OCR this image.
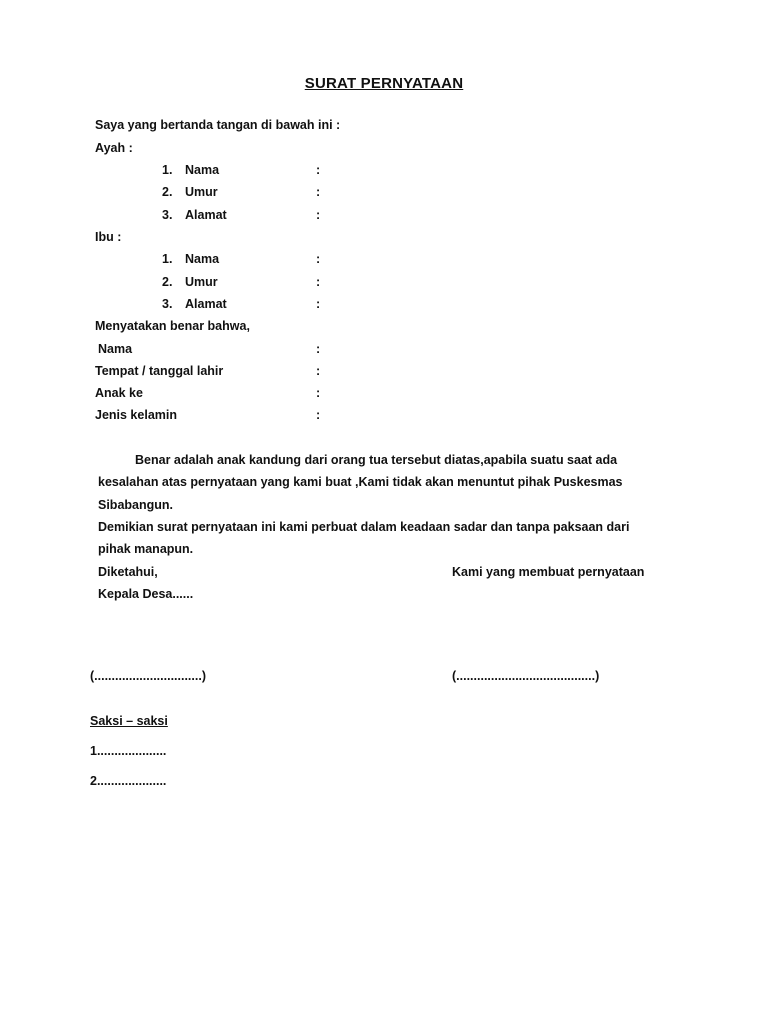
SURAT PERNYATAAN
Saya yang bertanda tangan di bawah ini :
Ayah :
1. Nama	:
2. Umur	:
3. Alamat	:
Ibu :
1. Nama	:
2. Umur	:
3. Alamat	:
Menyatakan benar bahwa,
Nama	:
Tempat / tanggal lahir	:
Anak ke	:
Jenis kelamin	:
Benar adalah anak kandung dari orang tua tersebut diatas,apabila suatu saat ada
kesalahan atas pernyataan yang kami buat ,Kami tidak akan menuntut pihak Puskesmas
Sibabangun.
Demikian surat pernyataan ini kami perbuat dalam keadaan sadar dan tanpa paksaan dari
pihak manapun.
Diketahui,	Kami yang membuat pernyataan
Kepala Desa......
(...............................)	(........................................)
Saksi – saksi
1....................
2....................
